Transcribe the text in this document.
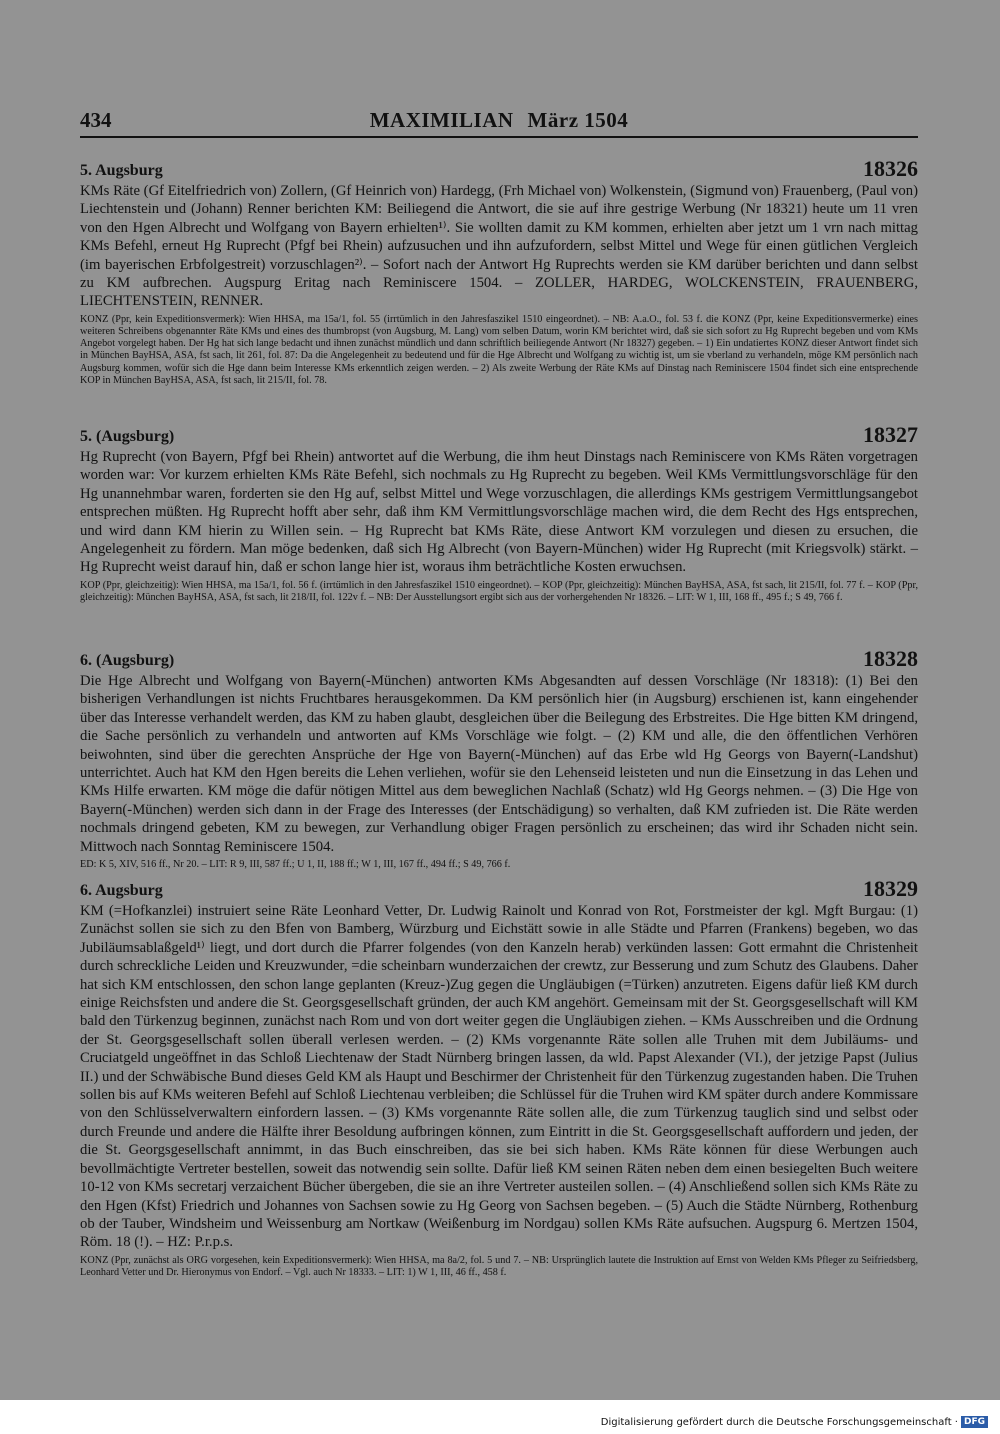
434	MAXIMILIAN März 1504
5. Augsburg	18326
KMs Räte (Gf Eitelfriedrich von) Zollern, (Gf Heinrich von) Hardegg, (Frh Michael von) Wolkenstein, (Sigmund von) Frauenberg, (Paul von) Liechtenstein und (Johann) Renner berichten KM: Beiliegend die Antwort, die sie auf ihre gestrige Werbung (Nr 18321) heute um 11 vren von den Hgen Albrecht und Wolfgang von Bayern erhielten¹⁾. Sie wollten damit zu KM kommen, erhielten aber jetzt um 1 vrn nach mittag KMs Befehl, erneut Hg Ruprecht (Pfgf bei Rhein) aufzusuchen und ihn aufzufordern, selbst Mittel und Wege für einen gütlichen Vergleich (im bayerischen Erbfolgestreit) vorzuschlagen²⁾. – Sofort nach der Antwort Hg Ruprechts werden sie KM darüber berichten und dann selbst zu KM aufbrechen. Augspurg Eritag nach Reminiscere 1504. – ZOLLER, HARDEG, WOLCKENSTEIN, FRAUENBERG, LIECHTENSTEIN, RENNER.
KONZ (Ppr, kein Expeditionsvermerk): Wien HHSA, ma 15a/1, fol. 55 (irrtümlich in den Jahresfaszikel 1510 eingeordnet). – NB: A.a.O., fol. 53 f. die KONZ (Ppr, keine Expeditionsvermerke) eines weiteren Schreibens obgenannter Räte KMs und eines des thumbropst (von Augsburg, M. Lang) vom selben Datum, worin KM berichtet wird, daß sie sich sofort zu Hg Ruprecht begeben und vom KMs Angebot vorgelegt haben. Der Hg hat sich lange bedacht und ihnen zunächst mündlich und dann schriftlich beiliegende Antwort (Nr 18327) gegeben. – 1) Ein undatiertes KONZ dieser Antwort findet sich in München BayHSA, ASA, fst sach, lit 261, fol. 87: Da die Angelegenheit zu bedeutend und für die Hge Albrecht und Wolfgang zu wichtig ist, um sie vberland zu verhandeln, möge KM persönlich nach Augsburg kommen, wofür sich die Hge dann beim Interesse KMs erkenntlich zeigen werden. – 2) Als zweite Werbung der Räte KMs auf Dinstag nach Reminiscere 1504 findet sich eine entsprechende KOP in München BayHSA, ASA, fst sach, lit 215/II, fol. 78.
5. (Augsburg)	18327
Hg Ruprecht (von Bayern, Pfgf bei Rhein) antwortet auf die Werbung, die ihm heut Dinstags nach Reminiscere von KMs Räten vorgetragen worden war: Vor kurzem erhielten KMs Räte Befehl, sich nochmals zu Hg Ruprecht zu begeben. Weil KMs Vermittlungsvorschläge für den Hg unannehmbar waren, forderten sie den Hg auf, selbst Mittel und Wege vorzuschlagen, die allerdings KMs gestrigem Vermittlungsangebot entsprechen müßten. Hg Ruprecht hofft aber sehr, daß ihm KM Vermittlungsvorschläge machen wird, die dem Recht des Hgs entsprechen, und wird dann KM hierin zu Willen sein. – Hg Ruprecht bat KMs Räte, diese Antwort KM vorzulegen und diesen zu ersuchen, die Angelegenheit zu fördern. Man möge bedenken, daß sich Hg Albrecht (von Bayern-München) wider Hg Ruprecht (mit Kriegsvolk) stärkt. – Hg Ruprecht weist darauf hin, daß er schon lange hier ist, woraus ihm beträchtliche Kosten erwuchsen.
KOP (Ppr, gleichzeitig): Wien HHSA, ma 15a/1, fol. 56 f. (irrtümlich in den Jahresfaszikel 1510 eingeordnet). – KOP (Ppr, gleichzeitig): München BayHSA, ASA, fst sach, lit 215/II, fol. 77 f. – KOP (Ppr, gleichzeitig): München BayHSA, ASA, fst sach, lit 218/II, fol. 122v f. – NB: Der Ausstellungsort ergibt sich aus der vorhergehenden Nr 18326. – LIT: W 1, III, 168 ff., 495 f.; S 49, 766 f.
6. (Augsburg)	18328
Die Hge Albrecht und Wolfgang von Bayern(-München) antworten KMs Abgesandten auf dessen Vorschläge (Nr 18318): (1) Bei den bisherigen Verhandlungen ist nichts Fruchtbares herausgekommen. Da KM persönlich hier (in Augsburg) erschienen ist, kann eingehender über das Interesse verhandelt werden, das KM zu haben glaubt, desgleichen über die Beilegung des Erbstreites. Die Hge bitten KM dringend, die Sache persönlich zu verhandeln und antworten auf KMs Vorschläge wie folgt. – (2) KM und alle, die den öffentlichen Verhören beiwohnten, sind über die gerechten Ansprüche der Hge von Bayern(-München) auf das Erbe wld Hg Georgs von Bayern(-Landshut) unterrichtet. Auch hat KM den Hgen bereits die Lehen verliehen, wofür sie den Lehenseid leisteten und nun die Einsetzung in das Lehen und KMs Hilfe erwarten. KM möge die dafür nötigen Mittel aus dem beweglichen Nachlaß (Schatz) wld Hg Georgs nehmen. – (3) Die Hge von Bayern(-München) werden sich dann in der Frage des Interesses (der Entschädigung) so verhalten, daß KM zufrieden ist. Die Räte werden nochmals dringend gebeten, KM zu bewegen, zur Verhandlung obiger Fragen persönlich zu erscheinen; das wird ihr Schaden nicht sein. Mittwoch nach Sonntag Reminiscere 1504.
ED: K 5, XIV, 516 ff., Nr 20. – LIT: R 9, III, 587 ff.; U 1, II, 188 ff.; W 1, III, 167 ff., 494 ff.; S 49, 766 f.
6. Augsburg	18329
KM (=Hofkanzlei) instruiert seine Räte Leonhard Vetter, Dr. Ludwig Rainolt und Konrad von Rot, Forstmeister der kgl. Mgft Burgau: (1) Zunächst sollen sie sich zu den Bfen von Bamberg, Würzburg und Eichstätt sowie in alle Städte und Pfarren (Frankens) begeben, wo das Jubiläumsablaßgeld¹⁾ liegt, und dort durch die Pfarrer folgendes (von den Kanzeln herab) verkünden lassen: Gott ermahnt die Christenheit durch schreckliche Leiden und Kreuzwunder, =die scheinbarn wunderzaichen der crewtz, zur Besserung und zum Schutz des Glaubens. Daher hat sich KM entschlossen, den schon lange geplanten (Kreuz-)Zug gegen die Ungläubigen (=Türken) anzutreten. Eigens dafür ließ KM durch einige Reichsfsten und andere die St. Georgsgesellschaft gründen, der auch KM angehört. Gemeinsam mit der St. Georgsgesellschaft will KM bald den Türkenzug beginnen, zunächst nach Rom und von dort weiter gegen die Ungläubigen ziehen. – KMs Ausschreiben und die Ordnung der St. Georgsgesellschaft sollen überall verlesen werden. – (2) KMs vorgenannte Räte sollen alle Truhen mit dem Jubiläums- und Cruciatgeld ungeöffnet in das Schloß Liechtenaw der Stadt Nürnberg bringen lassen, da wld. Papst Alexander (VI.), der jetzige Papst (Julius II.) und der Schwäbische Bund dieses Geld KM als Haupt und Beschirmer der Christenheit für den Türkenzug zugestanden haben. Die Truhen sollen bis auf KMs weiteren Befehl auf Schloß Liechtenau verbleiben; die Schlüssel für die Truhen wird KM später durch andere Kommissare von den Schlüsselverwaltern einfordern lassen. – (3) KMs vorgenannte Räte sollen alle, die zum Türkenzug tauglich sind und selbst oder durch Freunde und andere die Hälfte ihrer Besoldung aufbringen können, zum Eintritt in die St. Georgsgesellschaft auffordern und jeden, der die St. Georgsgesellschaft annimmt, in das Buch einschreiben, das sie bei sich haben. KMs Räte können für diese Werbungen auch bevollmächtigte Vertreter bestellen, soweit das notwendig sein sollte. Dafür ließ KM seinen Räten neben dem einen besiegelten Buch weitere 10-12 von KMs secretarj verzaichent Bücher übergeben, die sie an ihre Vertreter austeilen sollen. – (4) Anschließend sollen sich KMs Räte zu den Hgen (Kfst) Friedrich und Johannes von Sachsen sowie zu Hg Georg von Sachsen begeben. – (5) Auch die Städte Nürnberg, Rothenburg ob der Tauber, Windsheim und Weissenburg am Nortkaw (Weißenburg im Nordgau) sollen KMs Räte aufsuchen. Augspurg 6. Mertzen 1504, Röm. 18 (!). – HZ: P.r.p.s.
KONZ (Ppr, zunächst als ORG vorgesehen, kein Expeditionsvermerk): Wien HHSA, ma 8a/2, fol. 5 und 7. – NB: Ursprünglich lautete die Instruktion auf Ernst von Welden KMs Pfleger zu Seifriedsberg, Leonhard Vetter und Dr. Hieronymus von Endorf. – Vgl. auch Nr 18333. – LIT: 1) W 1, III, 46 ff., 458 f.
Digitalisierung gefördert durch die Deutsche Forschungsgemeinschaft · DFG
